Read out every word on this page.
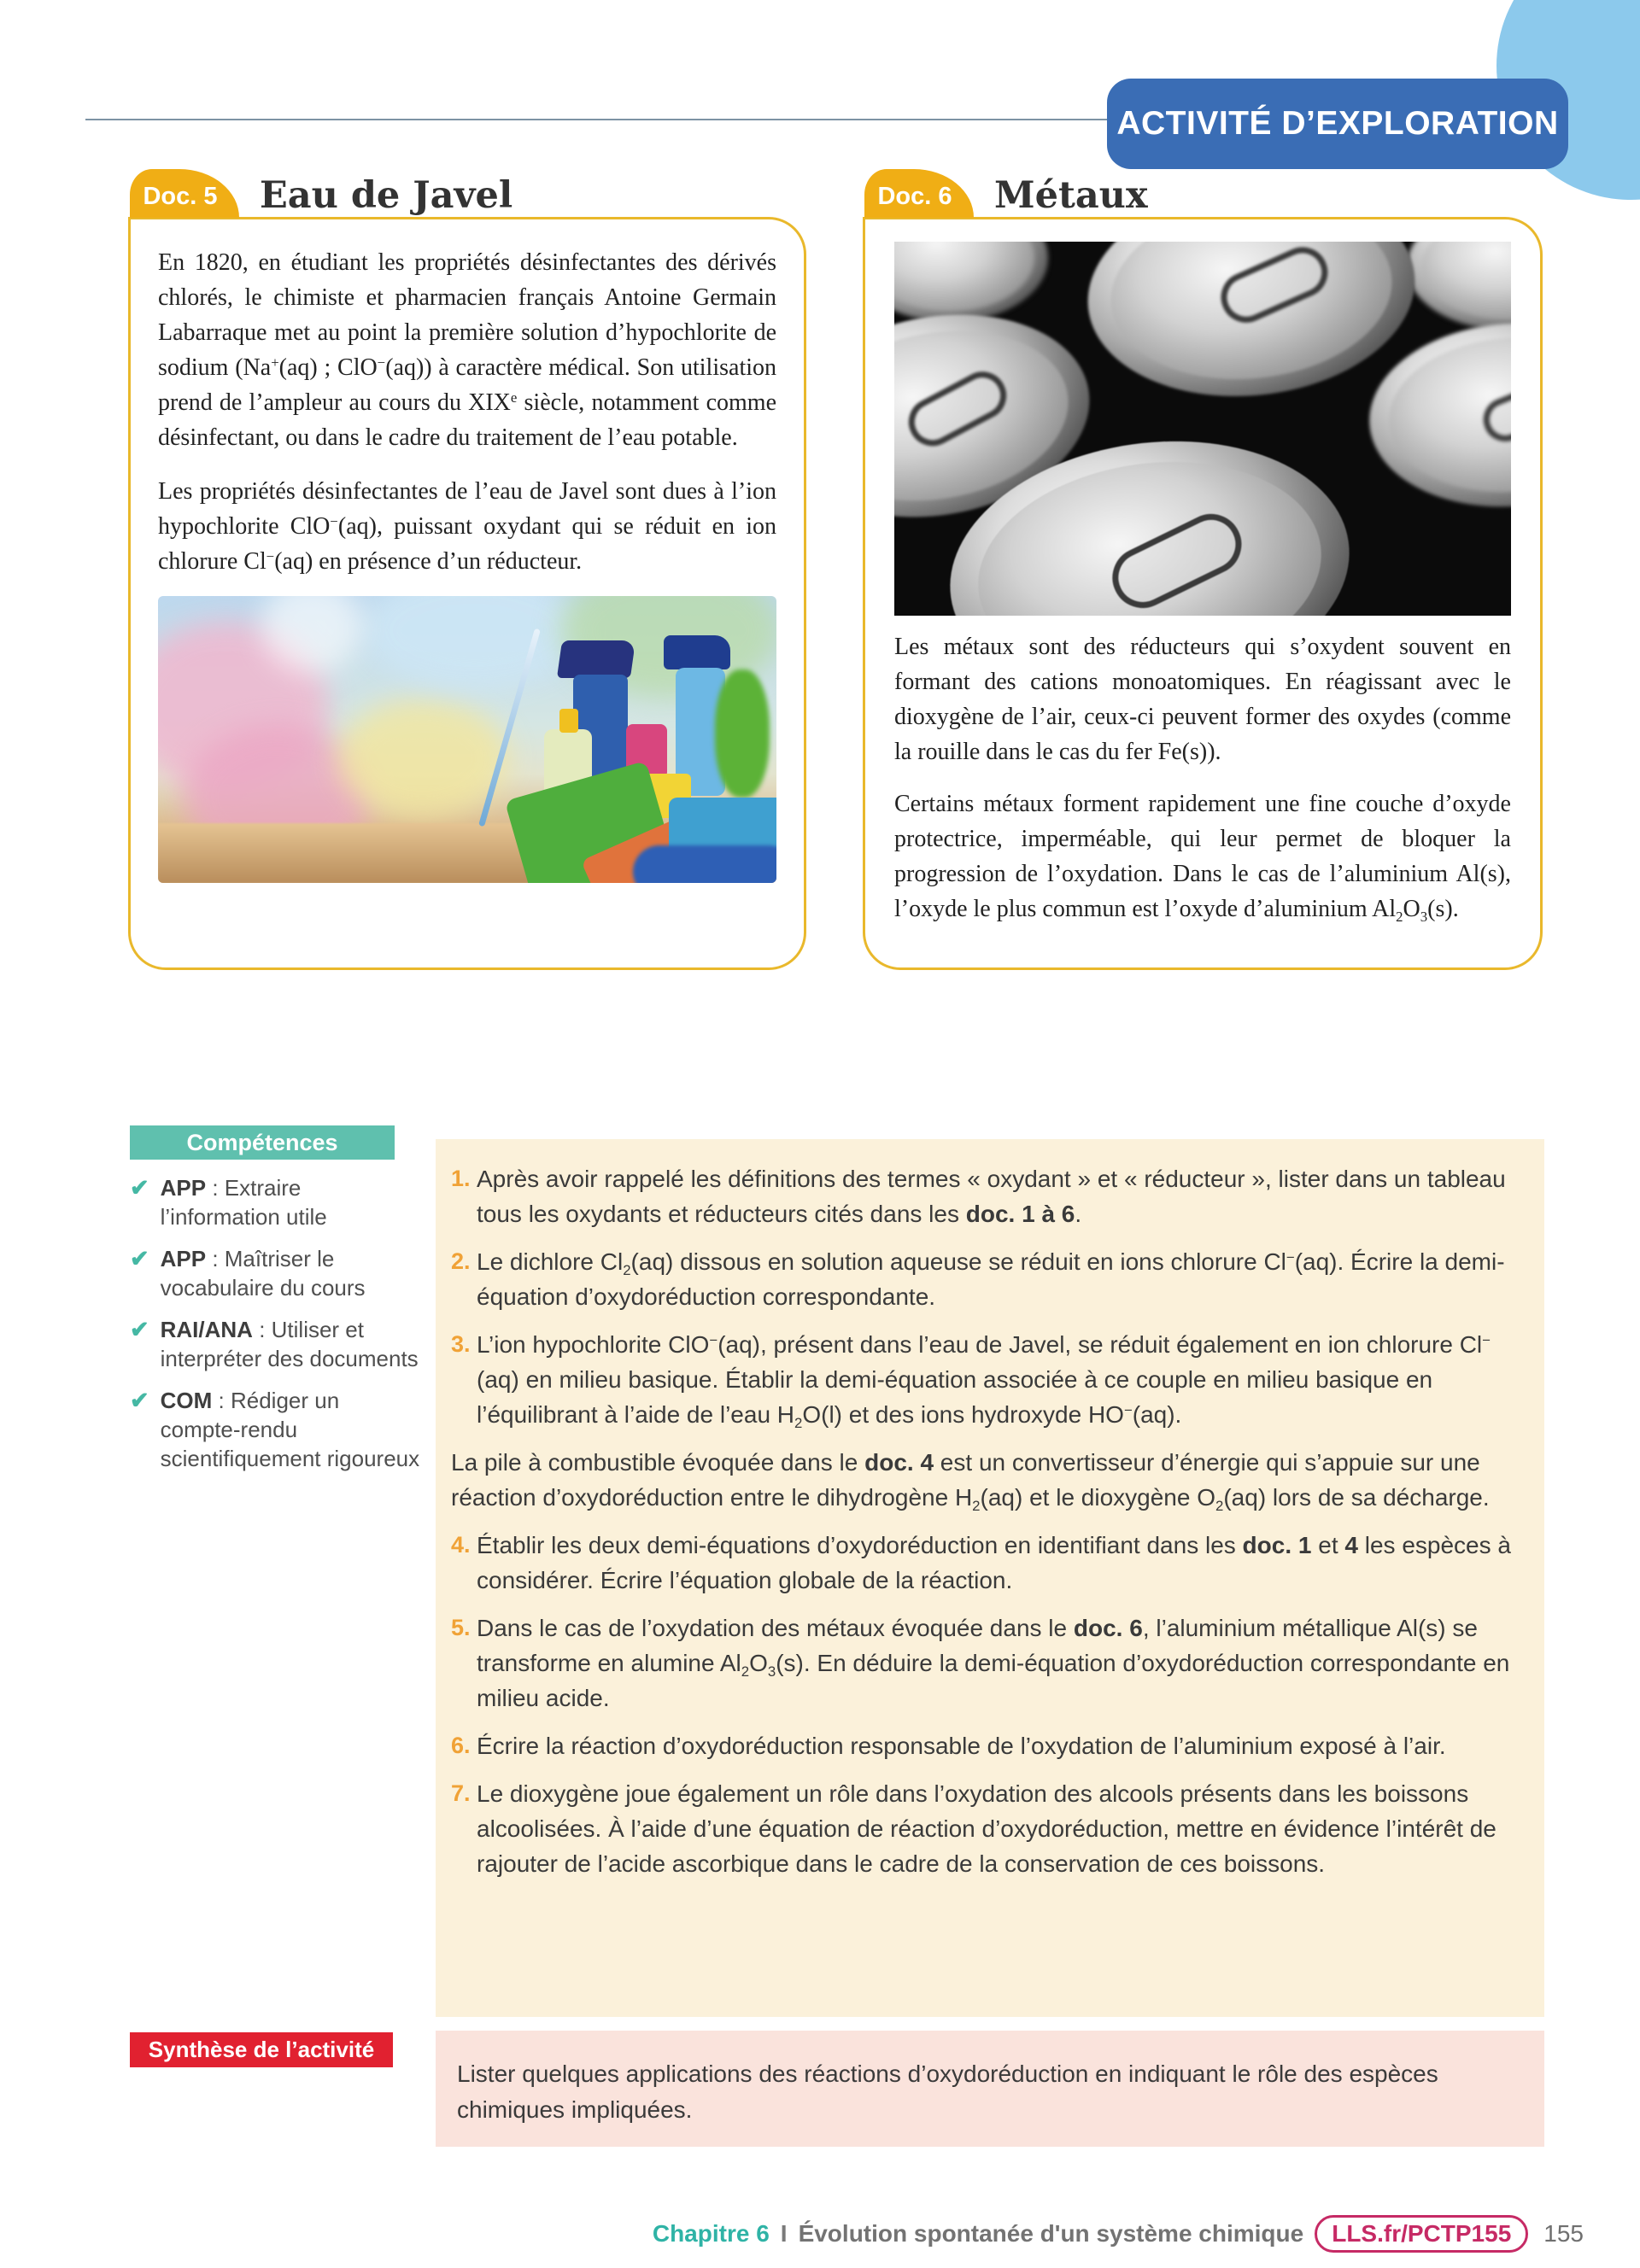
ACTIVITÉ D’EXPLORATION
Doc. 5 Eau de Javel

En 1820, en étudiant les propriétés désinfectantes des dérivés chlorés, le chimiste et pharmacien français Antoine Germain Labarraque met au point la première solution d’hypochlorite de sodium (Na+(aq) ; ClO−(aq)) à caractère médical. Son utilisation prend de l’ampleur au cours du XIXe siècle, notamment comme désinfectant, ou dans le cadre du traitement de l’eau potable.

Les propriétés désinfectantes de l’eau de Javel sont dues à l’ion hypochlorite ClO−(aq), puissant oxydant qui se réduit en ion chlorure Cl−(aq) en présence d’un réducteur.

Doc. 6 Métaux

Les métaux sont des réducteurs qui s’oxydent souvent en formant des cations monoatomiques. En réagissant avec le dioxygène de l’air, ceux-ci peuvent former des oxydes (comme la rouille dans le cas du fer Fe(s)).

Certains métaux forment rapidement une fine couche d’oxyde protectrice, imperméable, qui leur permet de bloquer la progression de l’oxydation. Dans le cas de l’aluminium Al(s), l’oxyde le plus commun est l’oxyde d’aluminium $Al_2O_3(s)$.

Compétences
✔ APP : Extraire l’information utile
✔ APP : Maîtriser le vocabulaire du cours
✔ RAI/ANA : Utiliser et interpréter des documents
✔ COM : Rédiger un compte-rendu scientifiquement rigoureux
1. Après avoir rappelé les définitions des termes « oxydant » et « réducteur », lister dans un tableau tous les oxydants et réducteurs cités dans les doc. 1 à 6.
2. Le dichlore $Cl_2(aq)$ dissous en solution aqueuse se réduit en ions chlorure Cl−(aq). Écrire la demi-équation d’oxydoréduction correspondante.
3. L’ion hypochlorite ClO−(aq), présent dans l’eau de Javel, se réduit également en ion chlorure Cl−(aq) en milieu basique. Établir la demi-équation associée à ce couple en milieu basique en l’équilibrant à l’aide de l’eau $H_2O(l)$ et des ions hydroxyde HO−(aq).
La pile à combustible évoquée dans le doc. 4 est un convertisseur d’énergie qui s’appuie sur une réaction d’oxydoréduction entre le dihydrogène $H_2(aq)$ et le dioxygène $O_2(aq)$ lors de sa décharge.
4. Établir les deux demi-équations d’oxydoréduction en identifiant dans les doc. 1 et 4 les espèces à considérer. Écrire l’équation globale de la réaction.
5. Dans le cas de l’oxydation des métaux évoquée dans le doc. 6, l’aluminium métallique Al(s) se transforme en alumine $Al_2O_3(s)$. En déduire la demi-équation d’oxydoréduction correspondante en milieu acide.
6. Écrire la réaction d’oxydoréduction responsable de l’oxydation de l’aluminium exposé à l’air.
7. Le dioxygène joue également un rôle dans l’oxydation des alcools présents dans les boissons alcoolisées. À l’aide d’une équation de réaction d’oxydoréduction, mettre en évidence l’intérêt de rajouter de l’acide ascorbique dans le cadre de la conservation de ces boissons.
Synthèse de l’activité

Lister quelques applications des réactions d’oxydoréduction en indiquant le rôle des espèces chimiques impliquées.

Chapitre 6 I Évolution spontanée d'un système chimique	LLS.fr/PCTP155	155
